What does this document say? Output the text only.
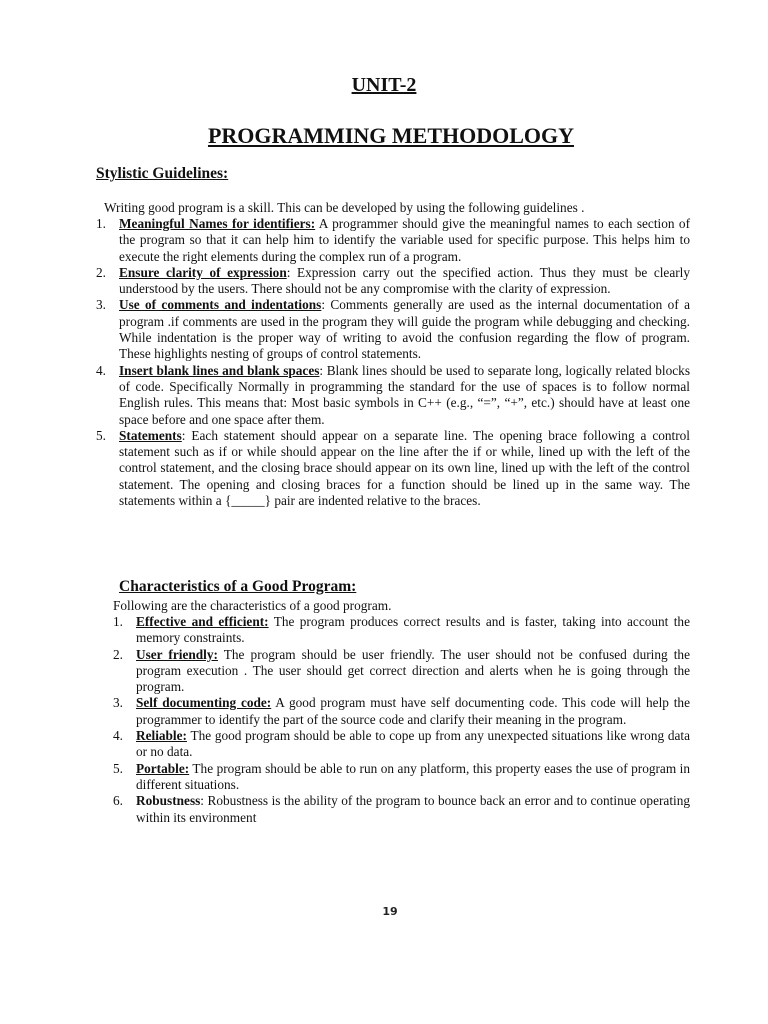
UNIT-2
PROGRAMMING METHODOLOGY
Stylistic Guidelines:
Writing good program is a skill. This can be developed by using the following guidelines .
1. Meaningful Names for identifiers: A programmer should give the meaningful names to each section of the program so that it can help him to identify the variable used for specific purpose. This helps him to execute the right elements during the complex run of a program.
2. Ensure clarity of expression: Expression carry out the specified action. Thus they must be clearly understood by the users. There should not be any compromise with the clarity of expression.
3. Use of comments and indentations: Comments generally are used as the internal documentation of a program .if comments are used in the program they will guide the program while debugging and checking. While indentation is the proper way of writing to avoid the confusion regarding the flow of program. These highlights nesting of groups of control statements.
4. Insert blank lines and blank spaces: Blank lines should be used to separate long, logically related blocks of code. Specifically Normally in programming the standard for the use of spaces is to follow normal English rules. This means that: Most basic symbols in C++ (e.g., “=”, “+”, etc.) should have at least one space before and one space after them.
5. Statements: Each statement should appear on a separate line. The opening brace following a control statement such as if or while should appear on the line after the if or while, lined up with the left of the control statement, and the closing brace should appear on its own line, lined up with the left of the control statement. The opening and closing braces for a function should be lined up in the same way. The statements within a {_____} pair are indented relative to the braces.
Characteristics of a Good Program:
Following are the characteristics of a good program.
1. Effective and efficient: The program produces correct results and is faster, taking into account the memory constraints.
2. User friendly: The program should be user friendly. The user should not be confused during the program execution . The user should get correct direction and alerts when he is going through the program.
3. Self documenting code: A good program must have self documenting code. This code will help the programmer to identify the part of the source code and clarify their meaning in the program.
4. Reliable: The good program should be able to cope up from any unexpected situations like wrong data or no data.
5. Portable: The program should be able to run on any platform, this property eases the use of program in different situations.
6. Robustness: Robustness is the ability of the program to bounce back an error and to continue operating within its environment
19
